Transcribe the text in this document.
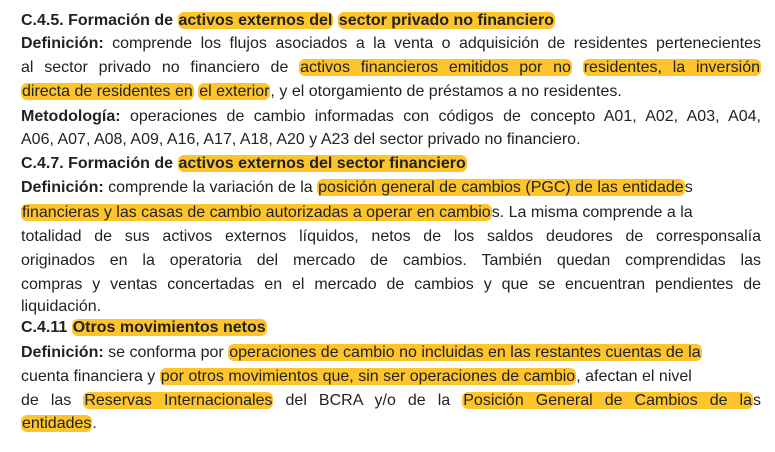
C.4.5. Formación de activos externos del sector privado no financiero
Definición: comprende los flujos asociados a la venta o adquisición de residentes pertenecientes
al sector privado no financiero de activos financieros emitidos por no residentes, la inversión
directa de residentes en el exterior, y el otorgamiento de préstamos a no residentes.
Metodología: operaciones de cambio informadas con códigos de concepto A01, A02, A03, A04,
A06, A07, A08, A09, A16, A17, A18, A20 y A23 del sector privado no financiero.
C.4.7. Formación de activos externos del sector financiero
Definición: comprende la variación de la posición general de cambios (PGC) de las entidades
financieras y las casas de cambio autorizadas a operar en cambios. La misma comprende a la
totalidad de sus activos externos líquidos, netos de los saldos deudores de corresponsalía
originados en la operatoria del mercado de cambios. También quedan comprendidas las
compras y ventas concertadas en el mercado de cambios y que se encuentran pendientes de
liquidación.
C.4.11 Otros movimientos netos
Definición: se conforma por operaciones de cambio no incluidas en las restantes cuentas de la
cuenta financiera y por otros movimientos que, sin ser operaciones de cambio, afectan el nivel
de las Reservas Internacionales del BCRA y/o de la Posición General de Cambios de las
entidades.
